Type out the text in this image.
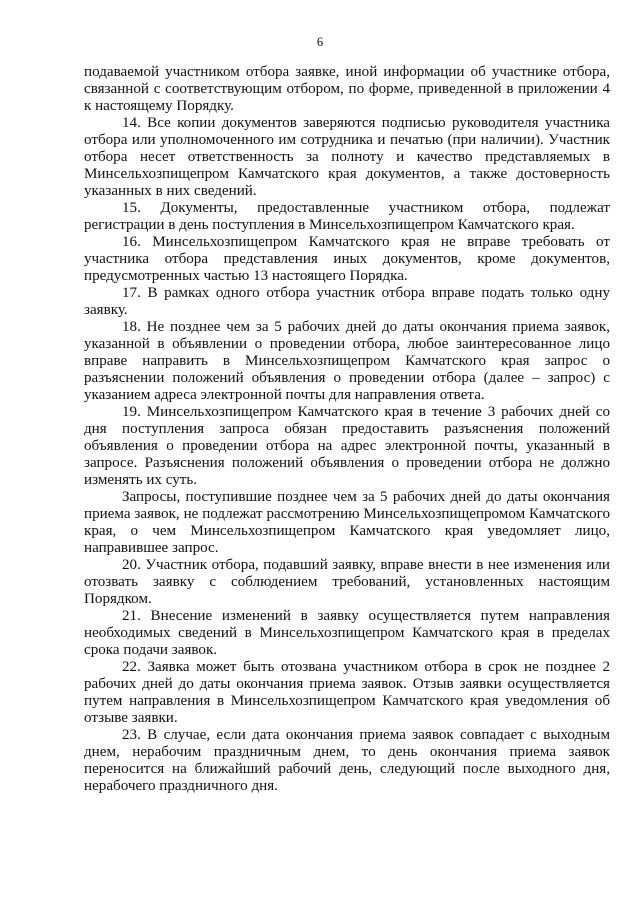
6

подаваемой участником отбора заявке, иной информации об участнике отбора, связанной с соответствующим отбором, по форме, приведенной в приложении 4 к настоящему Порядку.

14. Все копии документов заверяются подписью руководителя участника отбора или уполномоченного им сотрудника и печатью (при наличии). Участник отбора несет ответственность за полноту и качество представляемых в Минсельхозпищепром Камчатского края документов, а также достоверность указанных в них сведений.

15. Документы, предоставленные участником отбора, подлежат регистрации в день поступления в Минсельхозпищепром Камчатского края.

16. Минсельхозпищепром Камчатского края не вправе требовать от участника отбора представления иных документов, кроме документов, предусмотренных частью 13 настоящего Порядка.

17. В рамках одного отбора участник отбора вправе подать только одну заявку.

18. Не позднее чем за 5 рабочих дней до даты окончания приема заявок, указанной в объявлении о проведении отбора, любое заинтересованное лицо вправе направить в Минсельхозпищепром Камчатского края запрос о разъяснении положений объявления о проведении отбора (далее – запрос) с указанием адреса электронной почты для направления ответа.

19. Минсельхозпищепром Камчатского края в течение 3 рабочих дней со дня поступления запроса обязан предоставить разъяснения положений объявления о проведении отбора на адрес электронной почты, указанный в запросе. Разъяснения положений объявления о проведении отбора не должно изменять их суть.

Запросы, поступившие позднее чем за 5 рабочих дней до даты окончания приема заявок, не подлежат рассмотрению Минсельхозпищепромом Камчатского края, о чем Минсельхозпищепром Камчатского края уведомляет лицо, направившее запрос.

20. Участник отбора, подавший заявку, вправе внести в нее изменения или отозвать заявку с соблюдением требований, установленных настоящим Порядком.

21. Внесение изменений в заявку осуществляется путем направления необходимых сведений в Минсельхозпищепром Камчатского края в пределах срока подачи заявок.

22. Заявка может быть отозвана участником отбора в срок не позднее 2 рабочих дней до даты окончания приема заявок. Отзыв заявки осуществляется путем направления в Минсельхозпищепром Камчатского края уведомления об отзыве заявки.

23. В случае, если дата окончания приема заявок совпадает с выходным днем, нерабочим праздничным днем, то день окончания приема заявок переносится на ближайший рабочий день, следующий после выходного дня, нерабочего праздничного дня.
